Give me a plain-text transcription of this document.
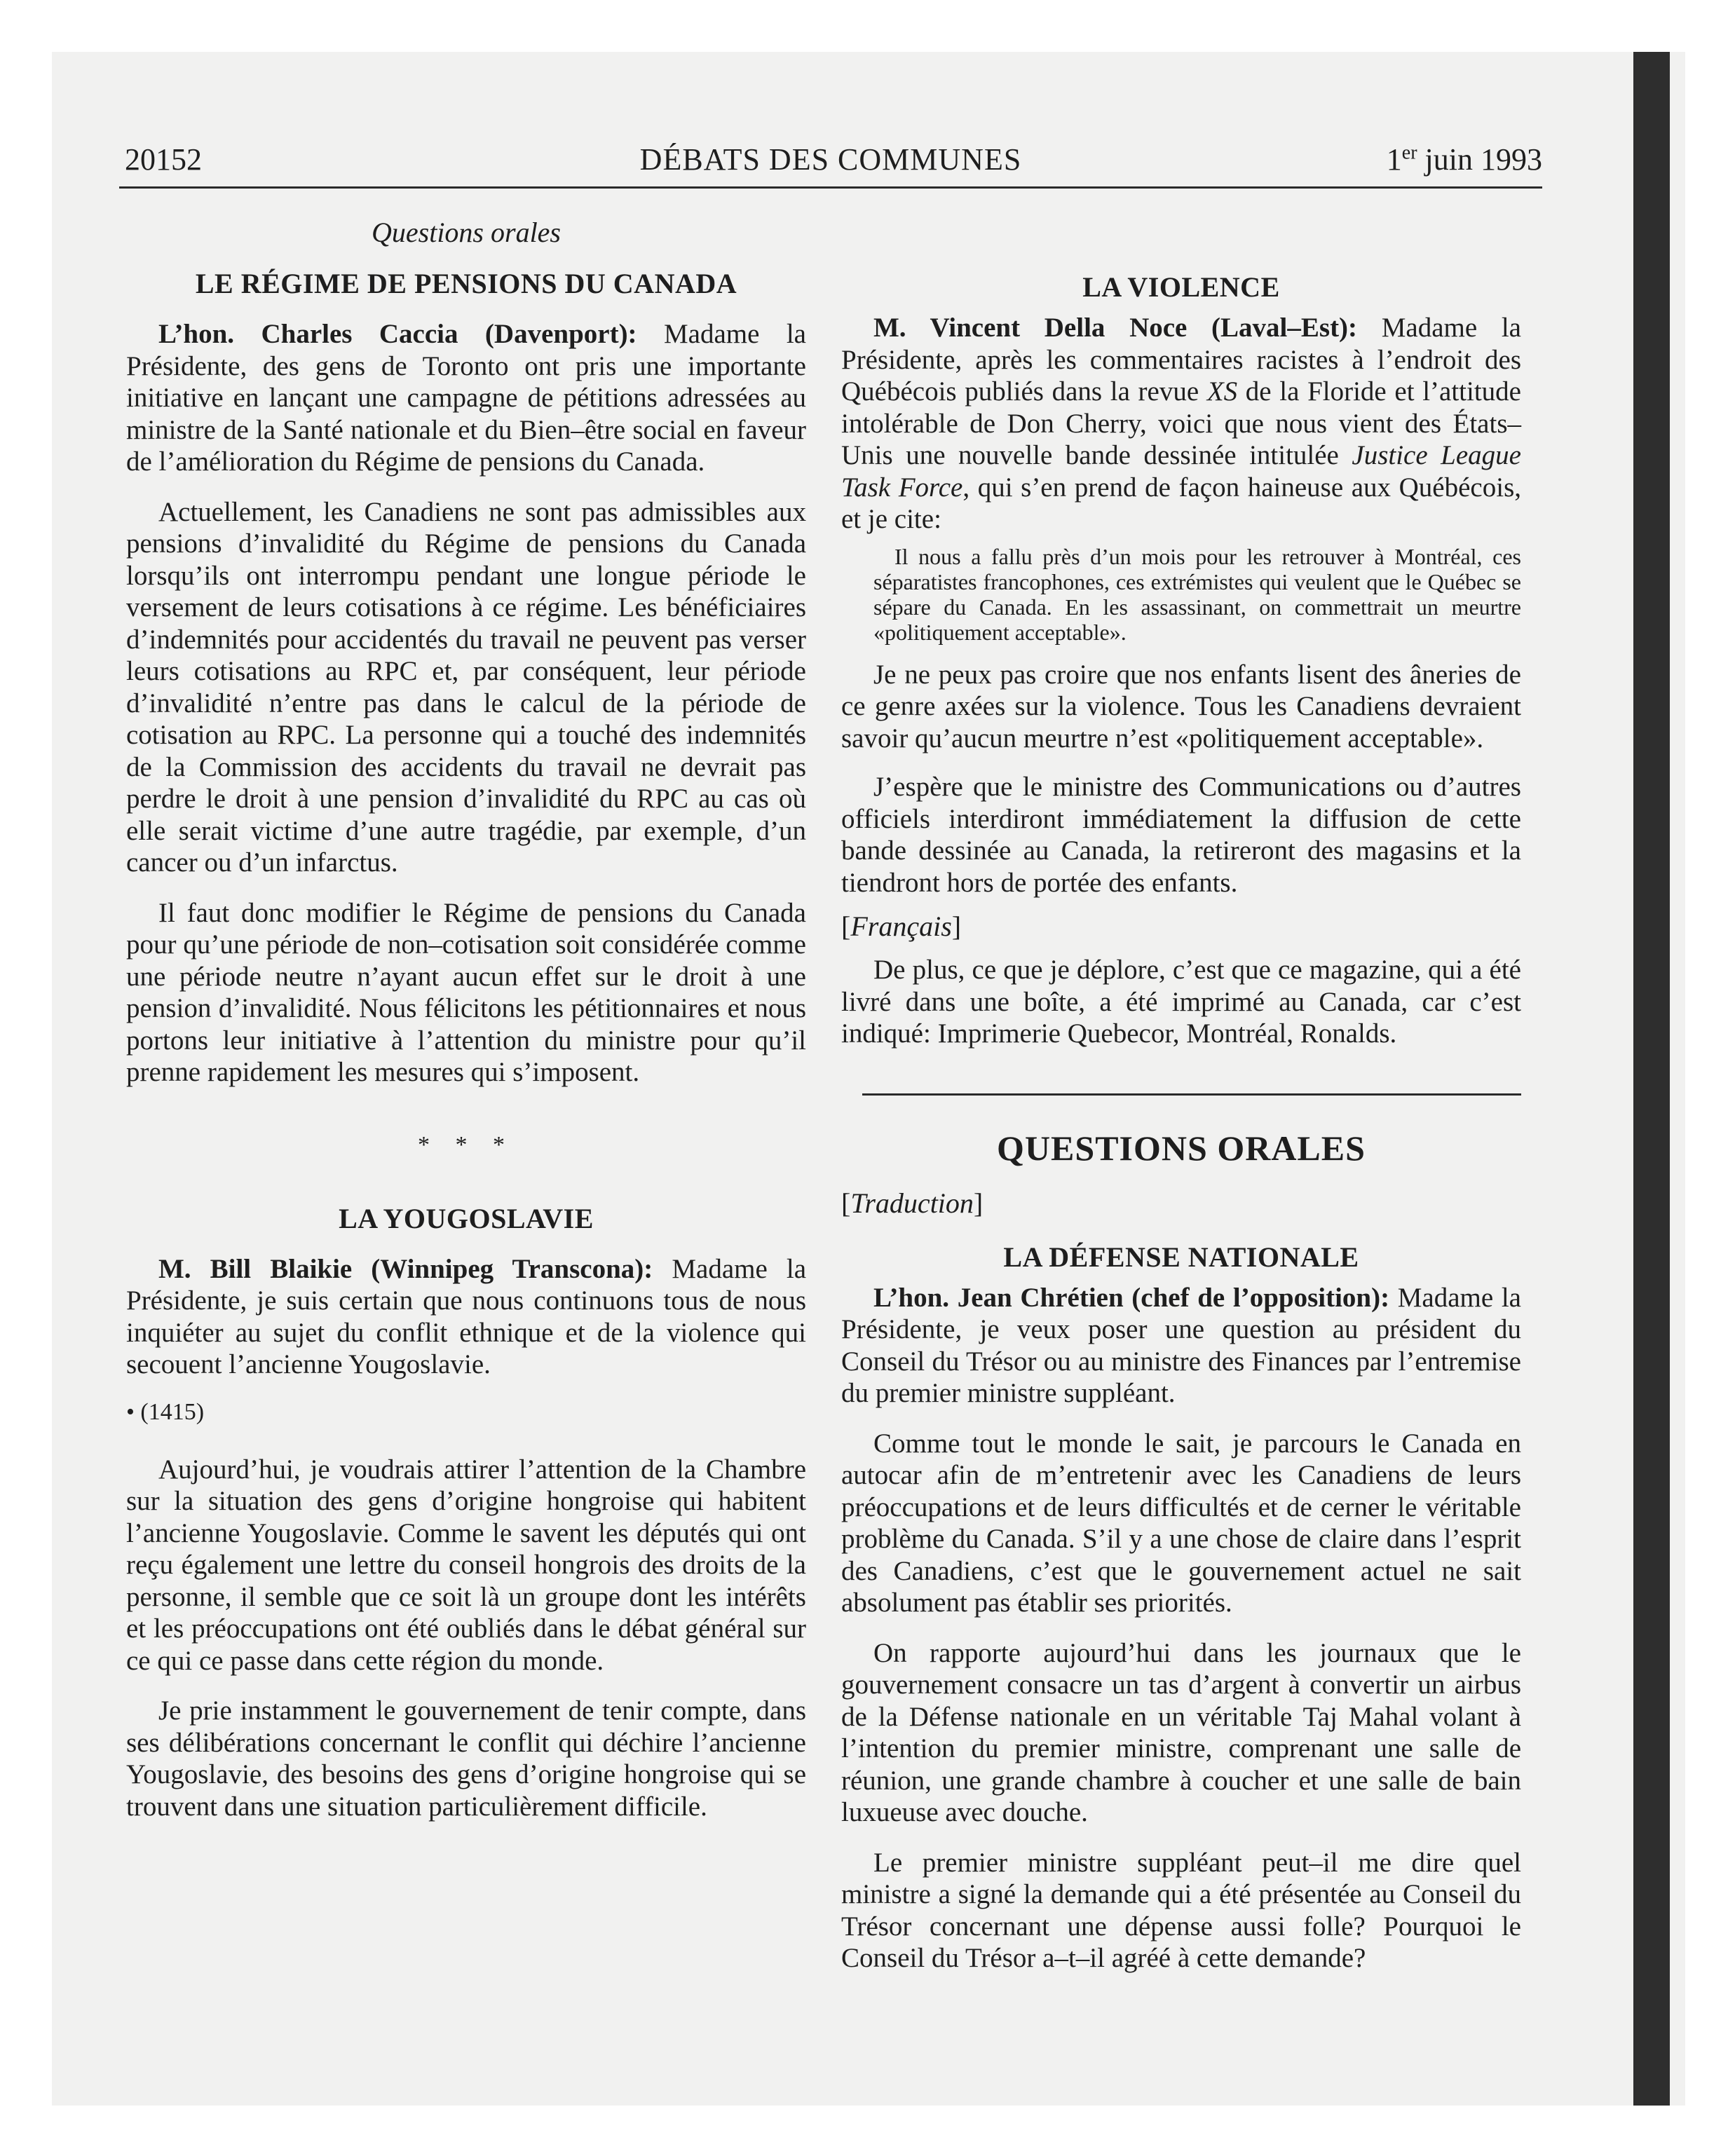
20152	DÉBATS DES COMMUNES	1er juin 1993

Questions orales

LE RÉGIME DE PENSIONS DU CANADA

L’hon. Charles Caccia (Davenport): Madame la Présidente, des gens de Toronto ont pris une importante initiative en lançant une campagne de pétitions adressées au ministre de la Santé nationale et du Bien–être social en faveur de l’amélioration du Régime de pensions du Canada.

Actuellement, les Canadiens ne sont pas admissibles aux pensions d’invalidité du Régime de pensions du Canada lorsqu’ils ont interrompu pendant une longue période le versement de leurs cotisations à ce régime. Les bénéficiaires d’indemnités pour accidentés du travail ne peuvent pas verser leurs cotisations au RPC et, par conséquent, leur période d’invalidité n’entre pas dans le calcul de la période de cotisation au RPC. La personne qui a touché des indemnités de la Commission des accidents du travail ne devrait pas perdre le droit à une pension d’invalidité du RPC au cas où elle serait victime d’une autre tragédie, par exemple, d’un cancer ou d’un infarctus.

Il faut donc modifier le Régime de pensions du Canada pour qu’une période de non–cotisation soit considérée comme une période neutre n’ayant aucun effet sur le droit à une pension d’invalidité. Nous félicitons les pétitionnaires et nous portons leur initiative à l’attention du ministre pour qu’il prenne rapidement les mesures qui s’imposent.

* * *

LA YOUGOSLAVIE

M. Bill Blaikie (Winnipeg Transcona): Madame la Présidente, je suis certain que nous continuons tous de nous inquiéter au sujet du conflit ethnique et de la violence qui secouent l’ancienne Yougoslavie.

• (1415)

Aujourd’hui, je voudrais attirer l’attention de la Chambre sur la situation des gens d’origine hongroise qui habitent l’ancienne Yougoslavie. Comme le savent les députés qui ont reçu également une lettre du conseil hongrois des droits de la personne, il semble que ce soit là un groupe dont les intérêts et les préoccupations ont été oubliés dans le débat général sur ce qui ce passe dans cette région du monde.

Je prie instamment le gouvernement de tenir compte, dans ses délibérations concernant le conflit qui déchire l’ancienne Yougoslavie, des besoins des gens d’origine hongroise qui se trouvent dans une situation particulièrement difficile.

LA VIOLENCE

M. Vincent Della Noce (Laval–Est): Madame la Présidente, après les commentaires racistes à l’endroit des Québécois publiés dans la revue XS de la Floride et l’attitude intolérable de Don Cherry, voici que nous vient des États–Unis une nouvelle bande dessinée intitulée Justice League Task Force, qui s’en prend de façon haineuse aux Québécois, et je cite:

Il nous a fallu près d’un mois pour les retrouver à Montréal, ces séparatistes francophones, ces extrémistes qui veulent que le Québec se sépare du Canada. En les assassinant, on commettrait un meurtre «politiquement acceptable».

Je ne peux pas croire que nos enfants lisent des âneries de ce genre axées sur la violence. Tous les Canadiens devraient savoir qu’aucun meurtre n’est «politiquement acceptable».

J’espère que le ministre des Communications ou d’autres officiels interdiront immédiatement la diffusion de cette bande dessinée au Canada, la retireront des magasins et la tiendront hors de portée des enfants.

[Français]

De plus, ce que je déplore, c’est que ce magazine, qui a été livré dans une boîte, a été imprimé au Canada, car c’est indiqué: Imprimerie Quebecor, Montréal, Ronalds.

QUESTIONS ORALES

[Traduction]

LA DÉFENSE NATIONALE

L’hon. Jean Chrétien (chef de l’opposition): Madame la Présidente, je veux poser une question au président du Conseil du Trésor ou au ministre des Finances par l’entremise du premier ministre suppléant.

Comme tout le monde le sait, je parcours le Canada en autocar afin de m’entretenir avec les Canadiens de leurs préoccupations et de leurs difficultés et de cerner le véritable problème du Canada. S’il y a une chose de claire dans l’esprit des Canadiens, c’est que le gouvernement actuel ne sait absolument pas établir ses priorités.

On rapporte aujourd’hui dans les journaux que le gouvernement consacre un tas d’argent à convertir un airbus de la Défense nationale en un véritable Taj Mahal volant à l’intention du premier ministre, comprenant une salle de réunion, une grande chambre à coucher et une salle de bain luxueuse avec douche.

Le premier ministre suppléant peut–il me dire quel ministre a signé la demande qui a été présentée au Conseil du Trésor concernant une dépense aussi folle? Pourquoi le Conseil du Trésor a–t–il agréé à cette demande?
